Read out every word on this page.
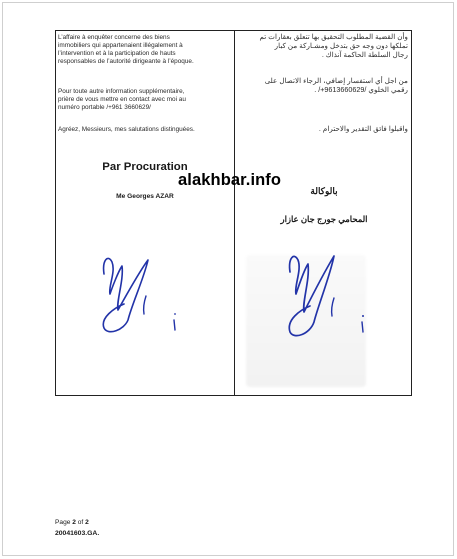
L’affaire à enquêter concerne des biens
immobiliers qui appartenaient illégalement à
l’intervention et à la participation de hauts
responsables de l’autorité dirigeante à l’époque.

Pour toute autre information supplémentaire,
prière de vous mettre en contact avec moi au
numéro portable /+961 3660629/

Agréez, Messieurs, mes salutations distinguées.

Par Procuration
Me Georges AZAR

وأن القضية المطلوب التحقيق بها تتعلق بعقارات تم
تملكها دون وجه حق بتدخل ومشـاركة من كبار
رجال السلطة الحاكمة آنذاك .

من اجل أي استفسار إضافي، الرجاء الاتصال على
رقمي الخلوي /9613660629+/ .

واقبلوا فائق التقدير والاحترام .

بالوكالة
المحامي جورج جان عازار
alakhbar.info
Page 2 of 2
20041603.GA.
